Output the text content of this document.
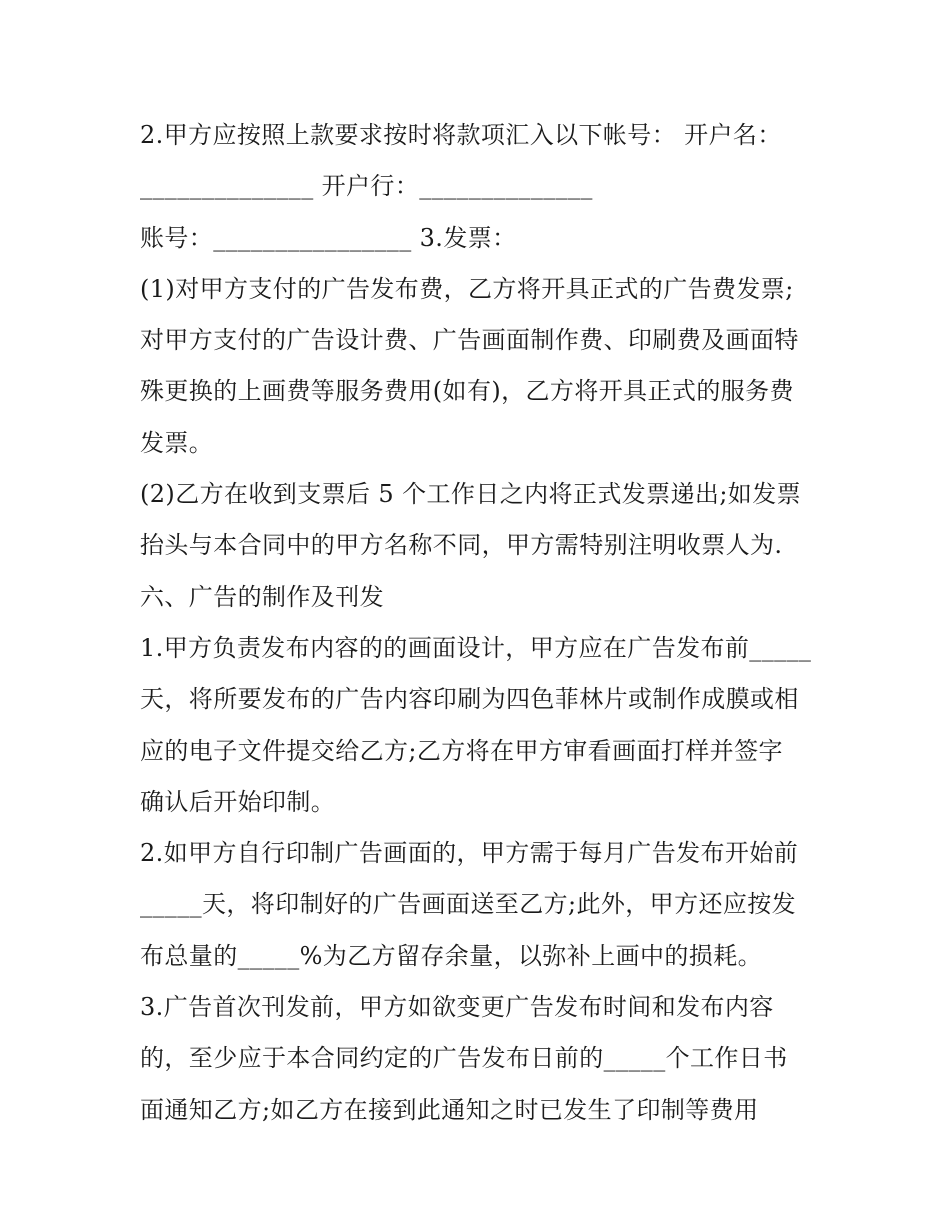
2.甲方应按照上款要求按时将款项汇入以下帐号： 开户名：
______________ 开户行：______________
账号：________________ 3.发票：
(1)对甲方支付的广告发布费，乙方将开具正式的广告费发票;
对甲方支付的广告设计费、广告画面制作费、印刷费及画面特
殊更换的上画费等服务费用(如有)，乙方将开具正式的服务费
发票。
(2)乙方在收到支票后 5 个工作日之内将正式发票递出;如发票
抬头与本合同中的甲方名称不同，甲方需特别注明收票人为.
六、广告的制作及刊发
1.甲方负责发布内容的的画面设计，甲方应在广告发布前_____
天，将所要发布的广告内容印刷为四色菲林片或制作成膜或相
应的电子文件提交给乙方;乙方将在甲方审看画面打样并签字
确认后开始印制。
2.如甲方自行印制广告画面的，甲方需于每月广告发布开始前
_____天，将印制好的广告画面送至乙方;此外，甲方还应按发
布总量的_____%为乙方留存余量，以弥补上画中的损耗。
3.广告首次刊发前，甲方如欲变更广告发布时间和发布内容
的，至少应于本合同约定的广告发布日前的_____个工作日书
面通知乙方;如乙方在接到此通知之时已发生了印制等费用
